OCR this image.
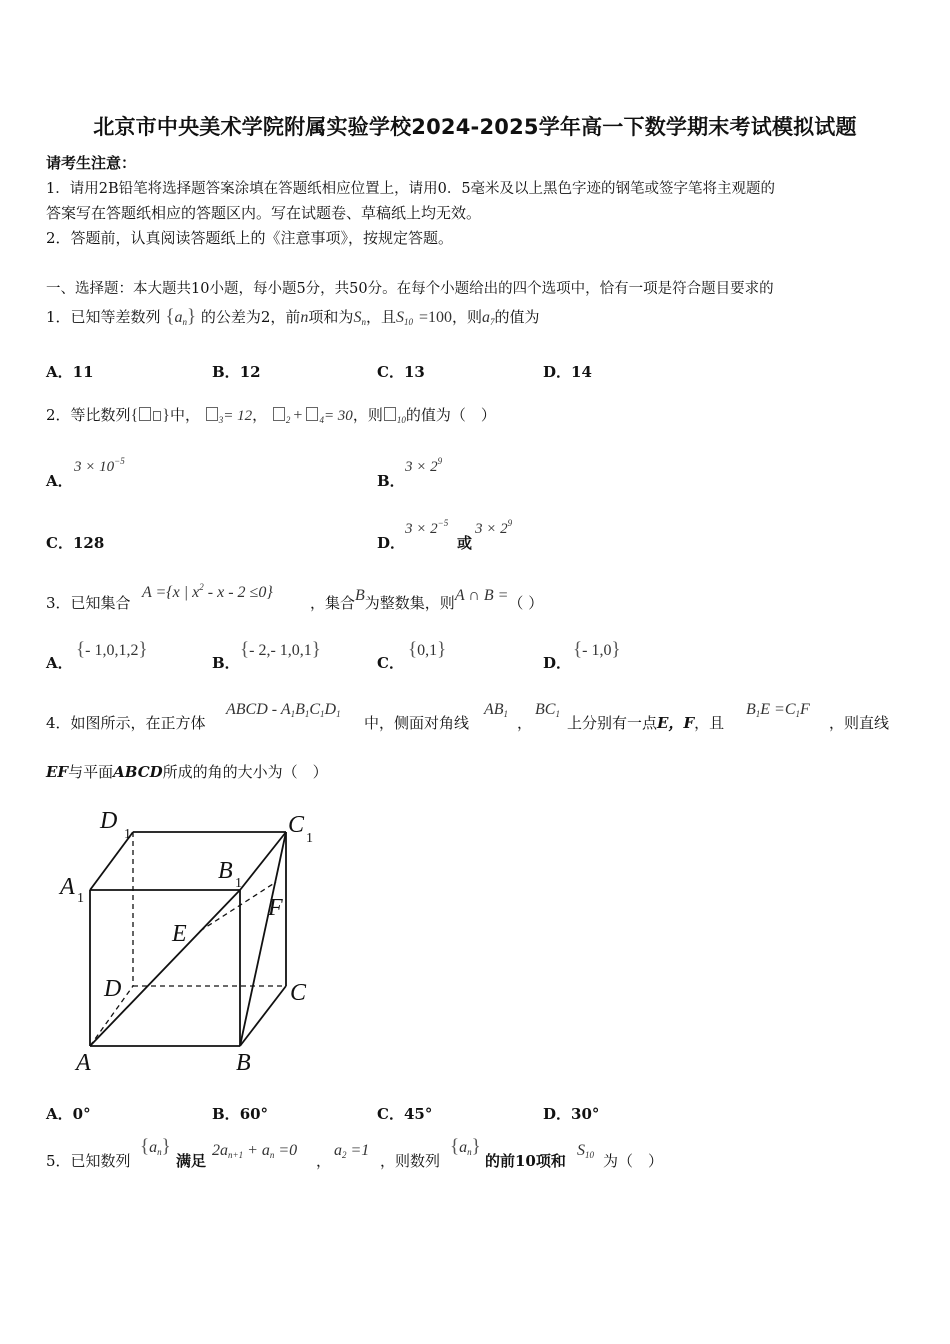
北京市中央美术学院附属实验学校2024-2025学年高一下数学期末考试模拟试题
请考生注意：
1．请用2B铅笔将选择题答案涂填在答题纸相应位置上，请用0．5毫米及以上黑色字迹的钢笔或签字笔将主观题的
答案写在答题纸相应的答题区内。写在试题卷、草稿纸上均无效。
2．答题前，认真阅读答题纸上的《注意事项》，按规定答题。
一、选择题：本大题共10小题，每小题5分，共50分。在每个小题给出的四个选项中，恰有一项是符合题目要求的
1．已知等差数列 $\{a_n\}$ 的公差为2，前n项和为$S_n$，且$S_{10} =100$，则$a_7$的值为
A．11	B．12	C．13	D．14
2．等比数列{ }中， $_3$= 12， $_2$ + $_4$= 30，则 $_{10}$的值为（　）
A．
$3 \times 10^{-5}$
B．
$3 \times 2^9$
C．128	D．
$3 \times 2^{-5}$
或
$3 \times 2^9$
3．已知集合
A ={x | $x^2 - x - 2 \le 0$}
，集合B为整数集，则A ∩ B =（ ）
A．
{- 1,0,1,2}
B．
{- 2,- 1,0,1}
C．
{0,1}
D．
{- 1,0}
4．如图所示，在正方体
ABCD - $A_1B_1C_1D_1$ 中，侧面对角线
$AB_1$ ，
$BC_1$ 上分别有一点E，F，且
$B_1E =C_1F$
，则直线
EF与平面ABCD所成的角的大小为（　）
D
1	C
1
A 1
B 1
E
F
D	C
A	B
A．0°	B．60°	C．45°	D．30°
5．已知数列
$\{a_n\}$
满足
$2a_{n+1} + a_n =0$
，
$a_2 =1$
，则数列
$\{a_n\}$
的前10项和
$S_{10}$ 为（　）
